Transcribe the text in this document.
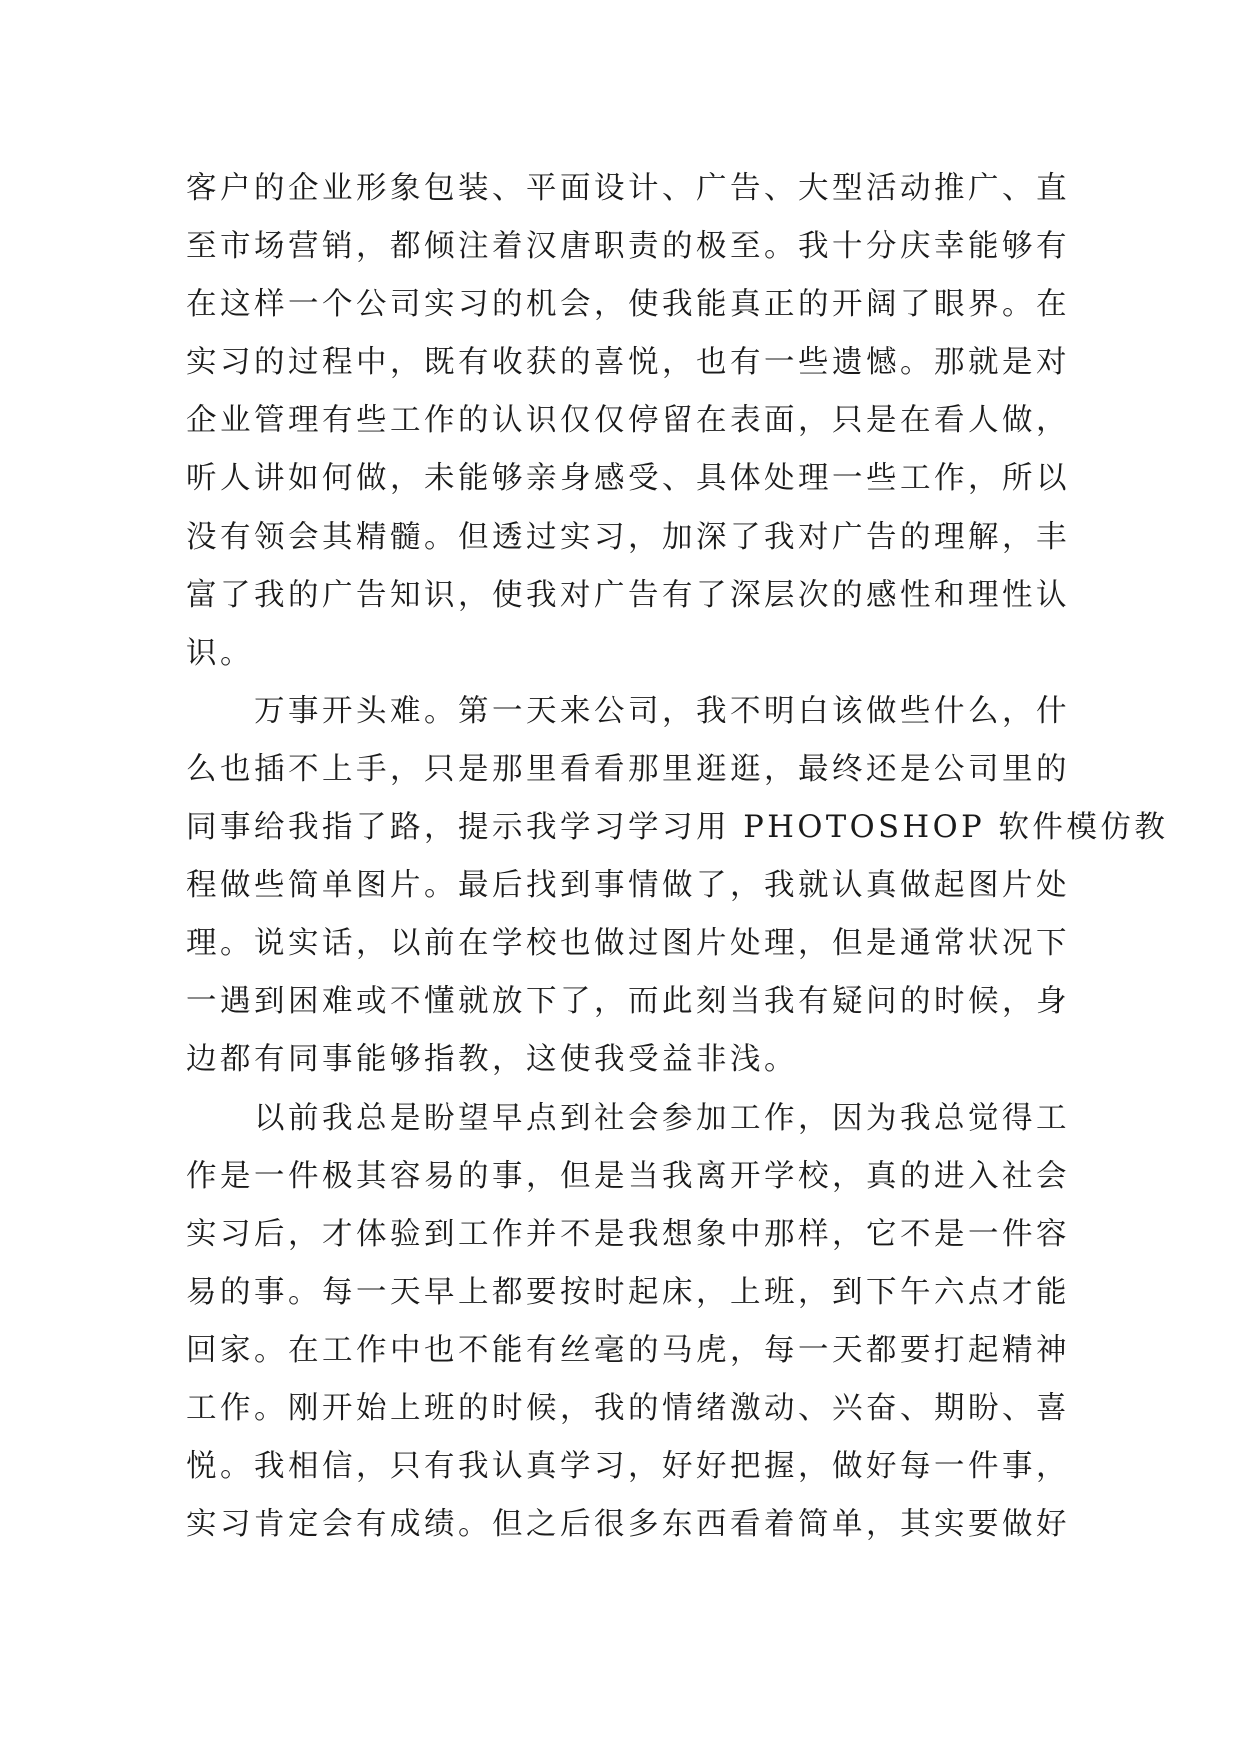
客户的企业形象包装、平面设计、广告、大型活动推广、直

至市场营销，都倾注着汉唐职责的极至。我十分庆幸能够有

在这样一个公司实习的机会，使我能真正的开阔了眼界。在

实习的过程中，既有收获的喜悦，也有一些遗憾。那就是对

企业管理有些工作的认识仅仅停留在表面，只是在看人做，

听人讲如何做，未能够亲身感受、具体处理一些工作，所以

没有领会其精髓。但透过实习，加深了我对广告的理解，丰

富了我的广告知识，使我对广告有了深层次的感性和理性认

识。

万事开头难。第一天来公司，我不明白该做些什么，什

么也插不上手，只是那里看看那里逛逛，最终还是公司里的

同事给我指了路，提示我学习学习用 PHOTOSHOP 软件模仿教

程做些简单图片。最后找到事情做了，我就认真做起图片处

理。说实话，以前在学校也做过图片处理，但是通常状况下

一遇到困难或不懂就放下了，而此刻当我有疑问的时候，身

边都有同事能够指教，这使我受益非浅。

以前我总是盼望早点到社会参加工作，因为我总觉得工

作是一件极其容易的事，但是当我离开学校，真的进入社会

实习后，才体验到工作并不是我想象中那样，它不是一件容

易的事。每一天早上都要按时起床，上班，到下午六点才能

回家。在工作中也不能有丝毫的马虎，每一天都要打起精神

工作。刚开始上班的时候，我的情绪激动、兴奋、期盼、喜

悦。我相信，只有我认真学习，好好把握，做好每一件事，

实习肯定会有成绩。但之后很多东西看着简单，其实要做好
